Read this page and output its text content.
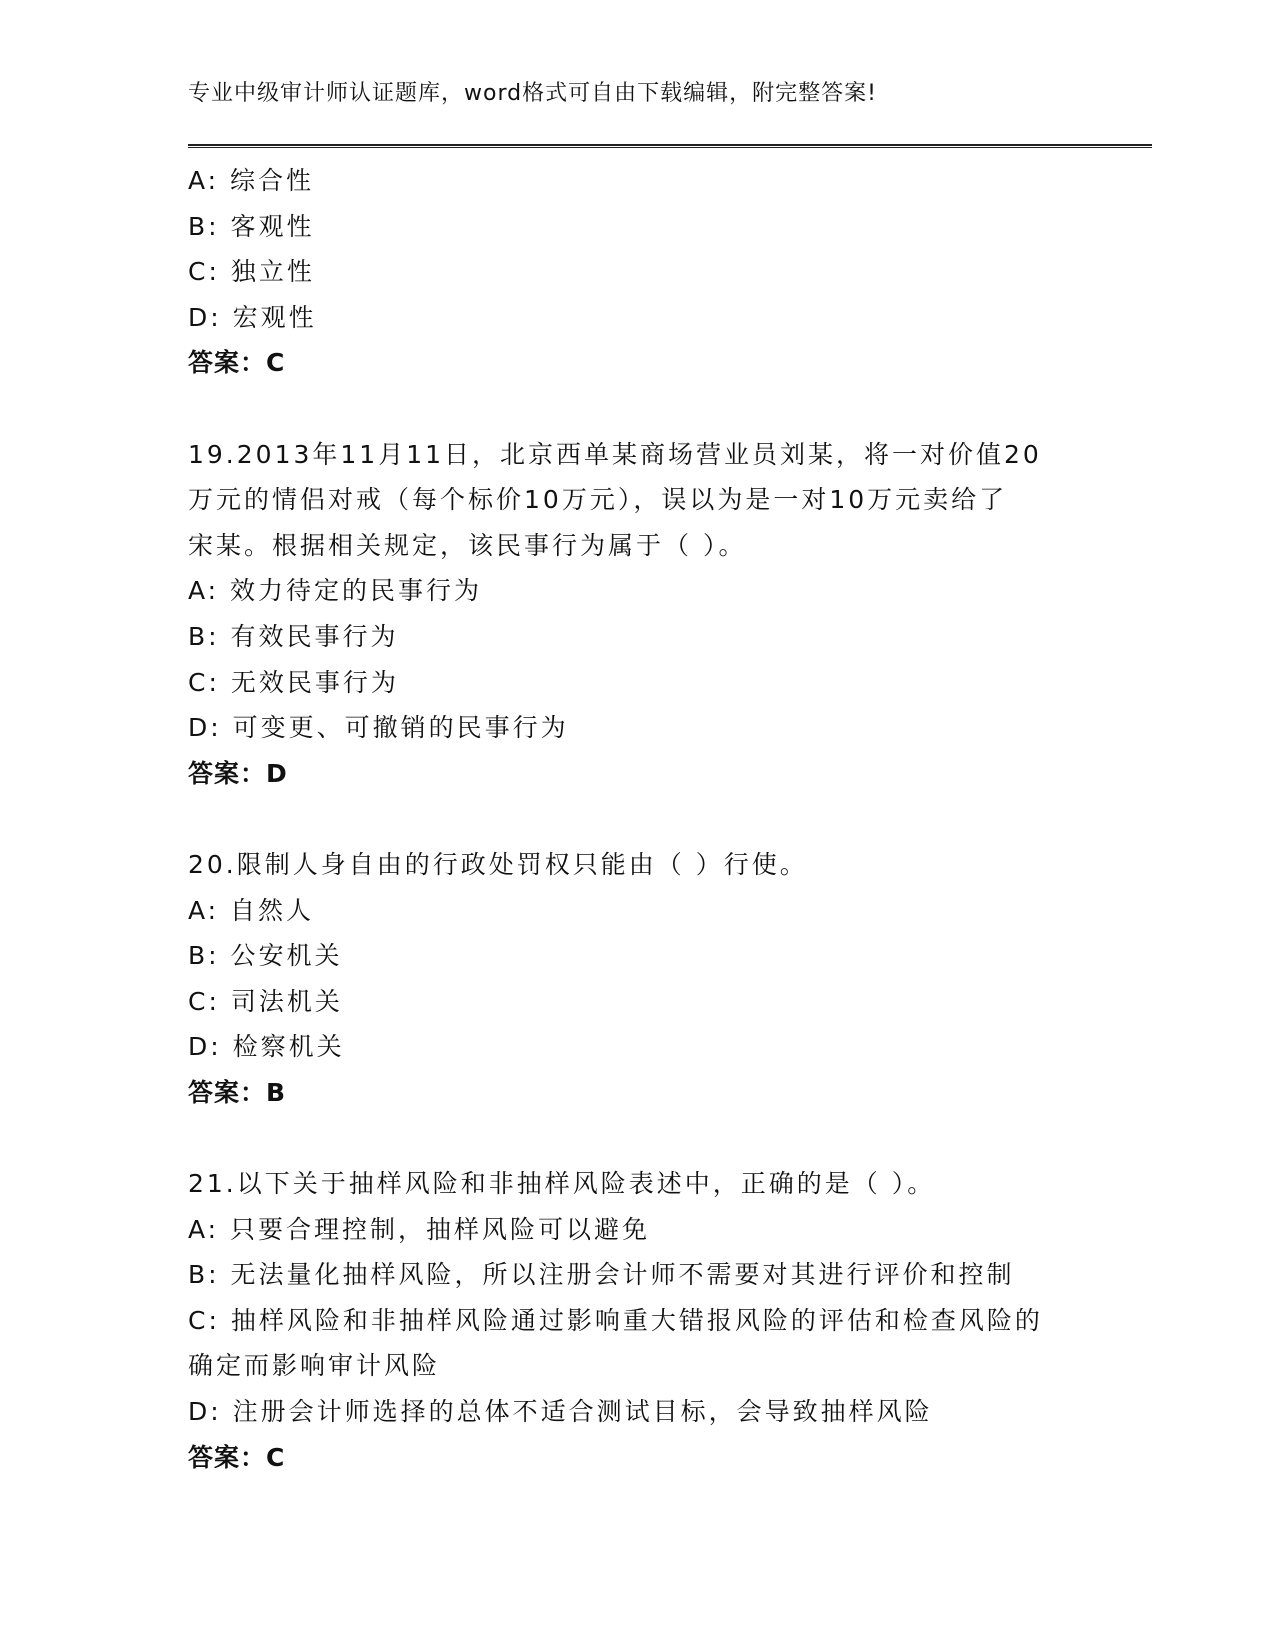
专业中级审计师认证题库，word格式可自由下载编辑，附完整答案!
A: 综合性
B: 客观性
C: 独立性
D: 宏观性
答案：C
19.2013年11月11日，北京西单某商场营业员刘某，将一对价值20
万元的情侣对戒（每个标价10万元），误以为是一对10万元卖给了
宋某。根据相关规定，该民事行为属于（ ）。
A: 效力待定的民事行为
B: 有效民事行为
C: 无效民事行为
D: 可变更、可撤销的民事行为
答案：D
20.限制人身自由的行政处罚权只能由（ ）行使。
A: 自然人
B: 公安机关
C: 司法机关
D: 检察机关
答案：B
21.以下关于抽样风险和非抽样风险表述中，正确的是（ ）。
A: 只要合理控制，抽样风险可以避免
B: 无法量化抽样风险，所以注册会计师不需要对其进行评价和控制
C: 抽样风险和非抽样风险通过影响重大错报风险的评估和检查风险的
确定而影响审计风险
D: 注册会计师选择的总体不适合测试目标，会导致抽样风险
答案：C
